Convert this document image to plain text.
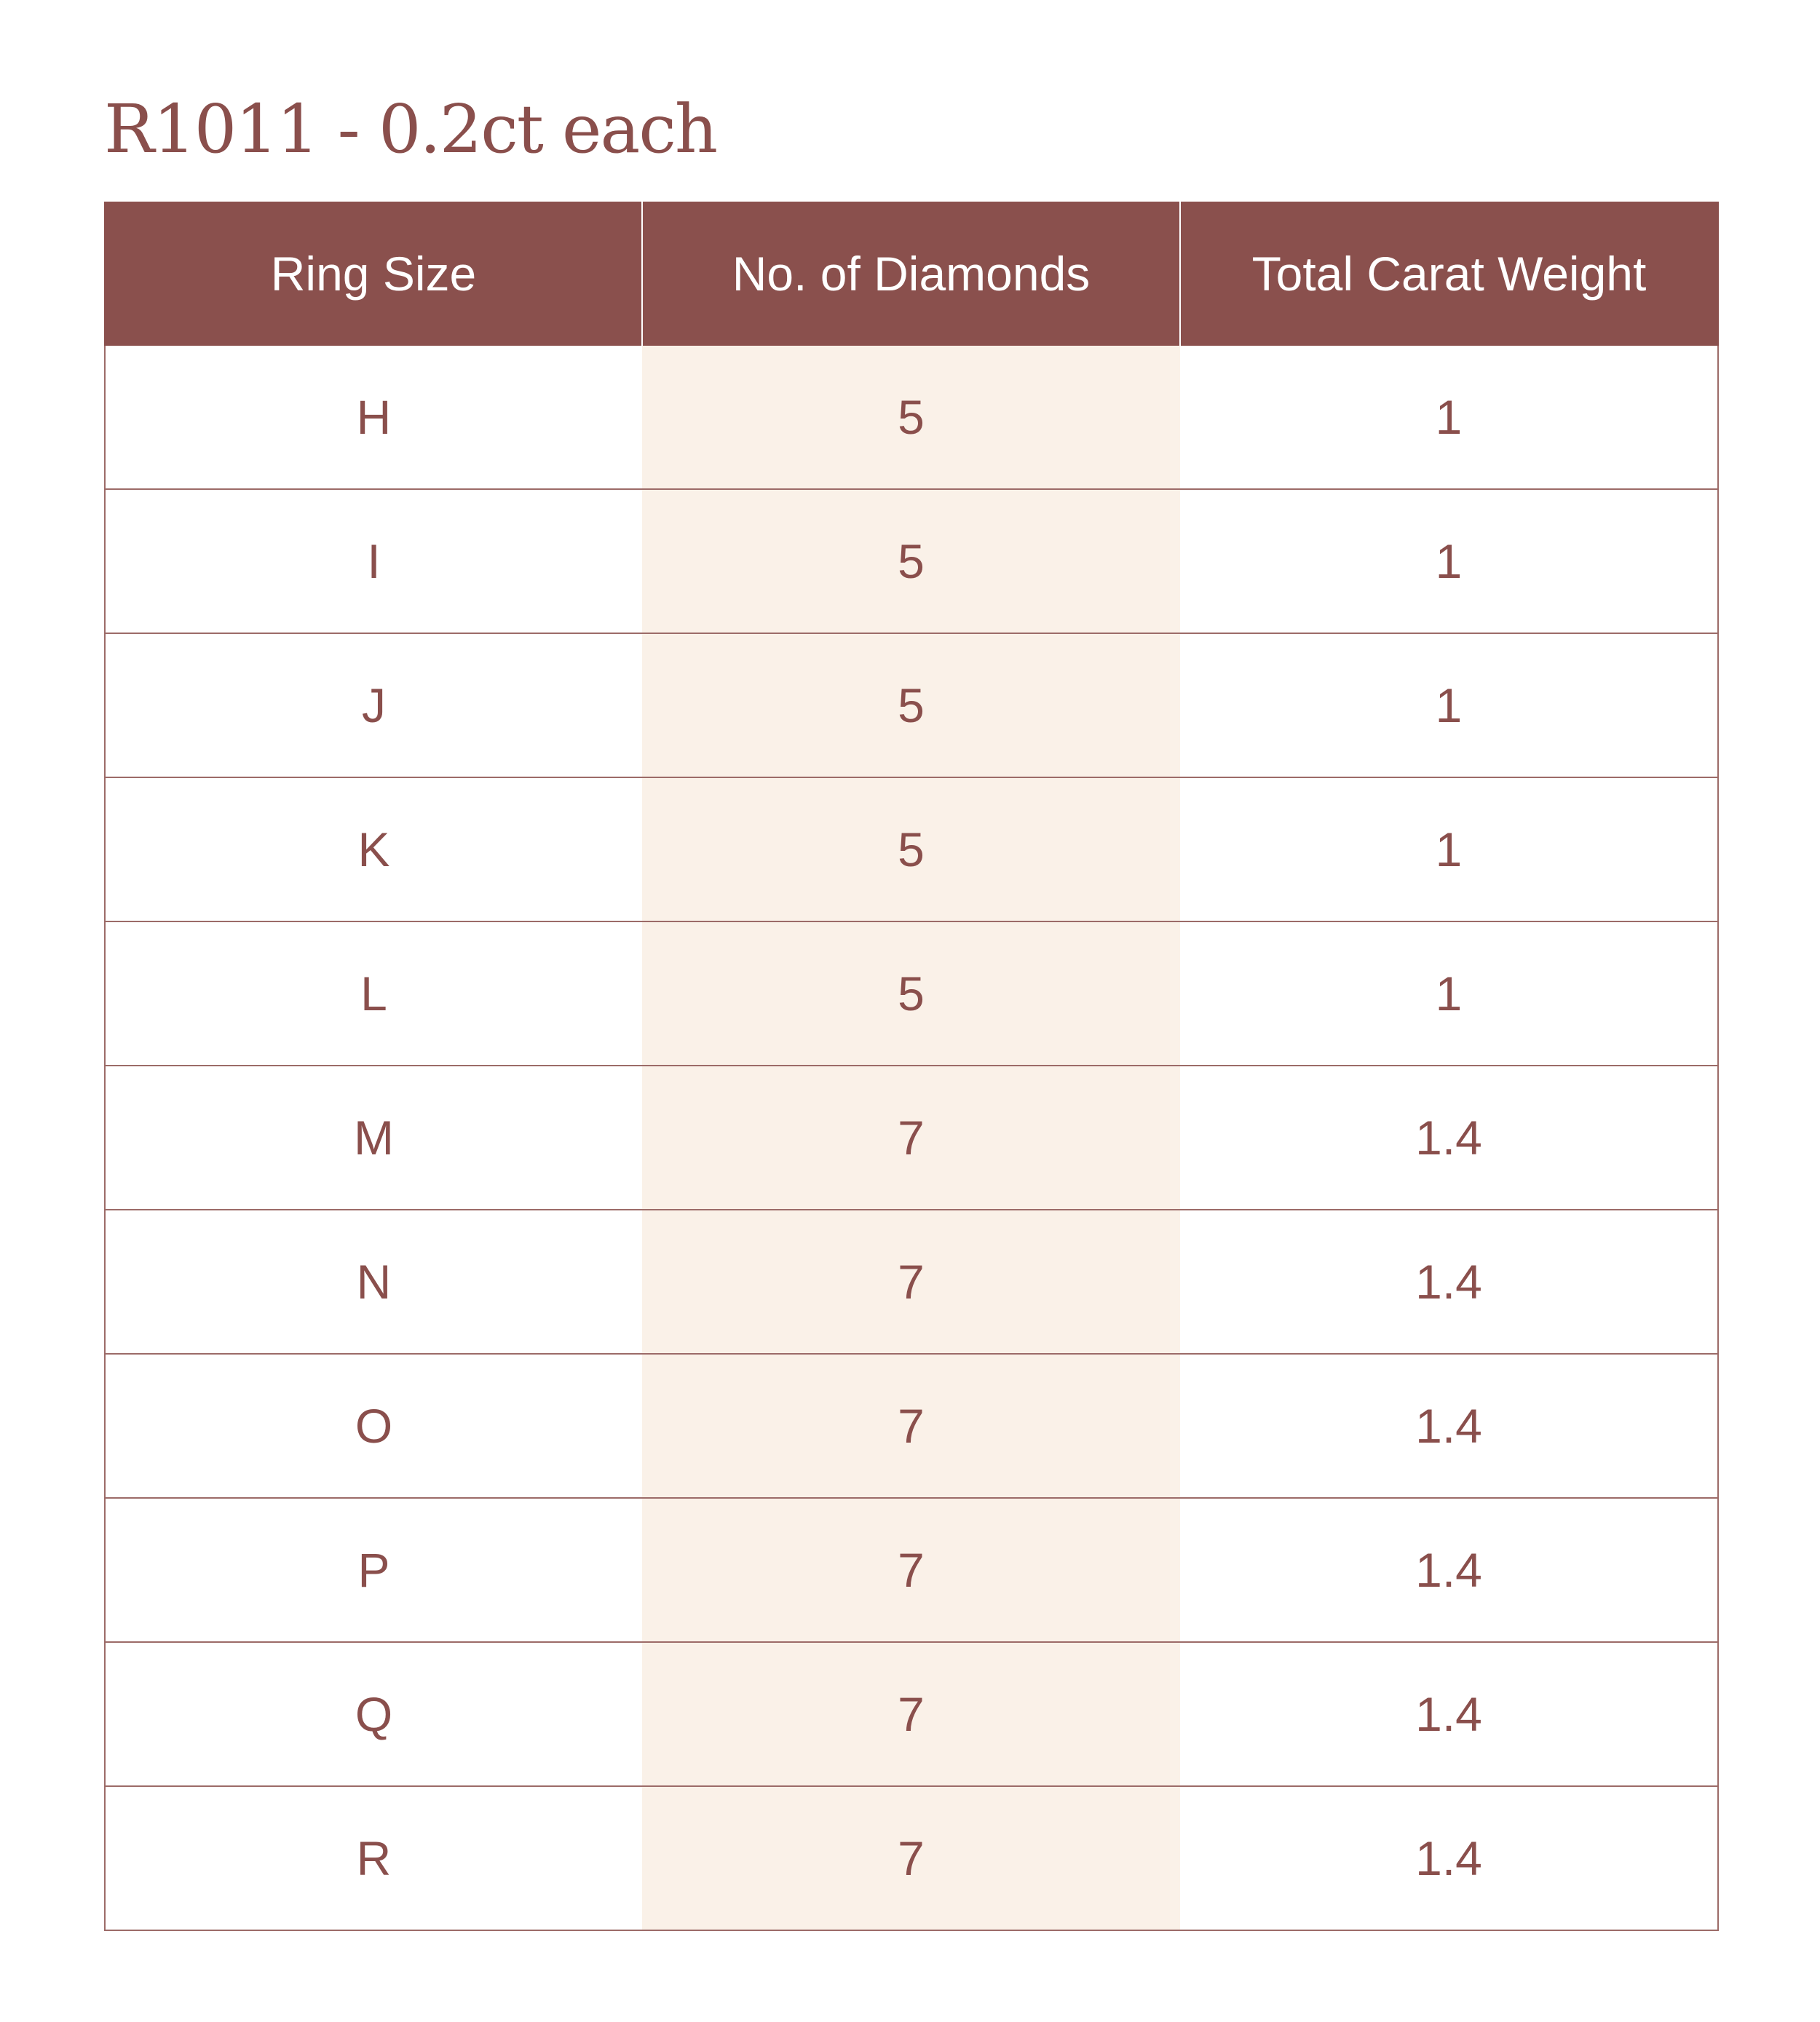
R1011 - 0.2ct each
Ring Size	No. of Diamonds	Total Carat Weight
H	5	1
I	5	1
J	5	1
K	5	1
L	5	1
M	7	1.4
N	7	1.4
O	7	1.4
P	7	1.4
Q	7	1.4
R	7	1.4
